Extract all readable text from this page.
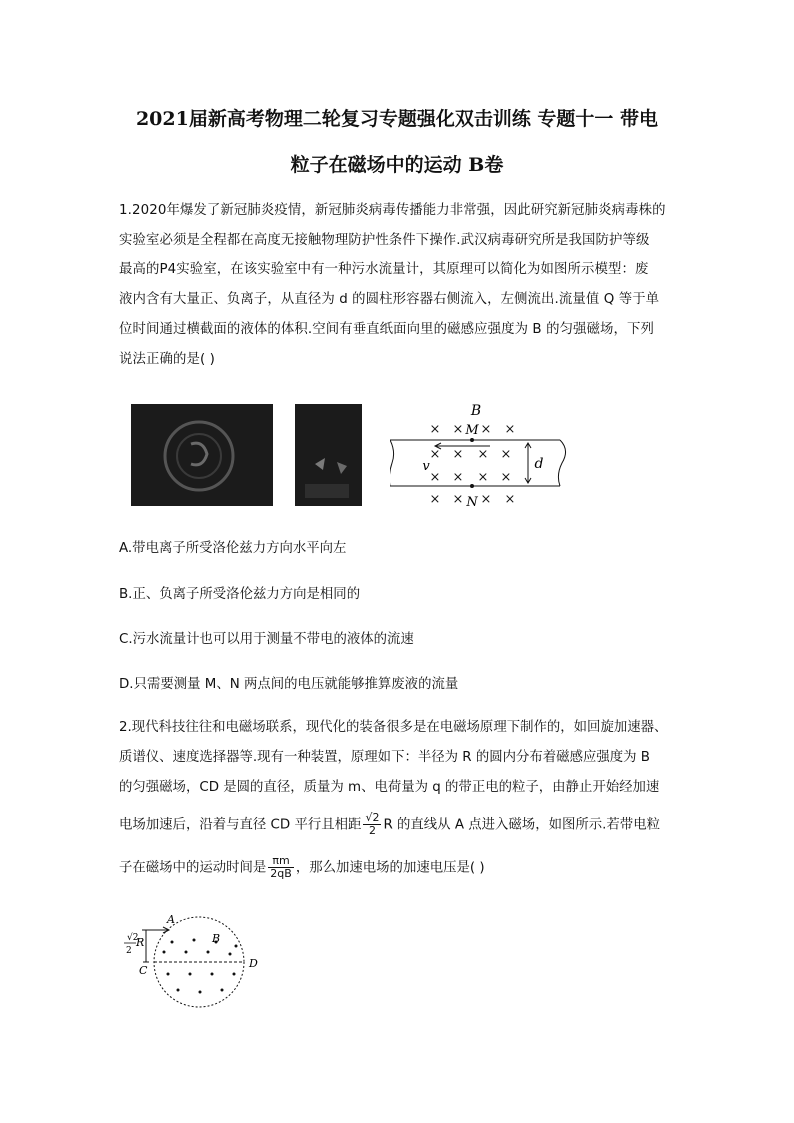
2021届新高考物理二轮复习专题强化双击训练 专题十一 带电
粒子在磁场中的运动 B卷
1.2020年爆发了新冠肺炎疫情，新冠肺炎病毒传播能力非常强，因此研究新冠肺炎病毒株的
实验室必须是全程都在高度无接触物理防护性条件下操作.武汉病毒研究所是我国防护等级
最高的P4实验室，在该实验室中有一种污水流量计，其原理可以简化为如图所示模型：废
液内含有大量正、负离子，从直径为 d 的圆柱形容器右侧流入，左侧流出.流量值 Q 等于单
位时间通过横截面的液体的体积.空间有垂直纸面向里的磁感应强度为 B 的匀强磁场，下列
说法正确的是( )
× × × ×
× × × ×
× × × ×
× × × ×
B
M
N
v	d
A.带电离子所受洛伦兹力方向水平向左
B.正、负离子所受洛伦兹力方向是相同的
C.污水流量计也可以用于测量不带电的液体的流速
D.只需要测量 M、N 两点间的电压就能够推算废液的流量
2.现代科技往往和电磁场联系，现代化的装备很多是在电磁场原理下制作的，如回旋加速器、
质谱仪、速度选择器等.现有一种装置，原理如下：半径为 R 的圆内分布着磁感应强度为 B
的匀强磁场，CD 是圆的直径，质量为 m、电荷量为 q 的带正电的粒子，由静止开始经加速
电场加速后，沿着与直径 CD 平行且相距 $\frac{√2}{2}$ R 的直线从 A 点进入磁场，如图所示.若带电粒
子在磁场中的运动时间是 $\frac{\pi m}{2qB}$ ，那么加速电场的加速电压是( )
A
B
C
D
R
√2
2
